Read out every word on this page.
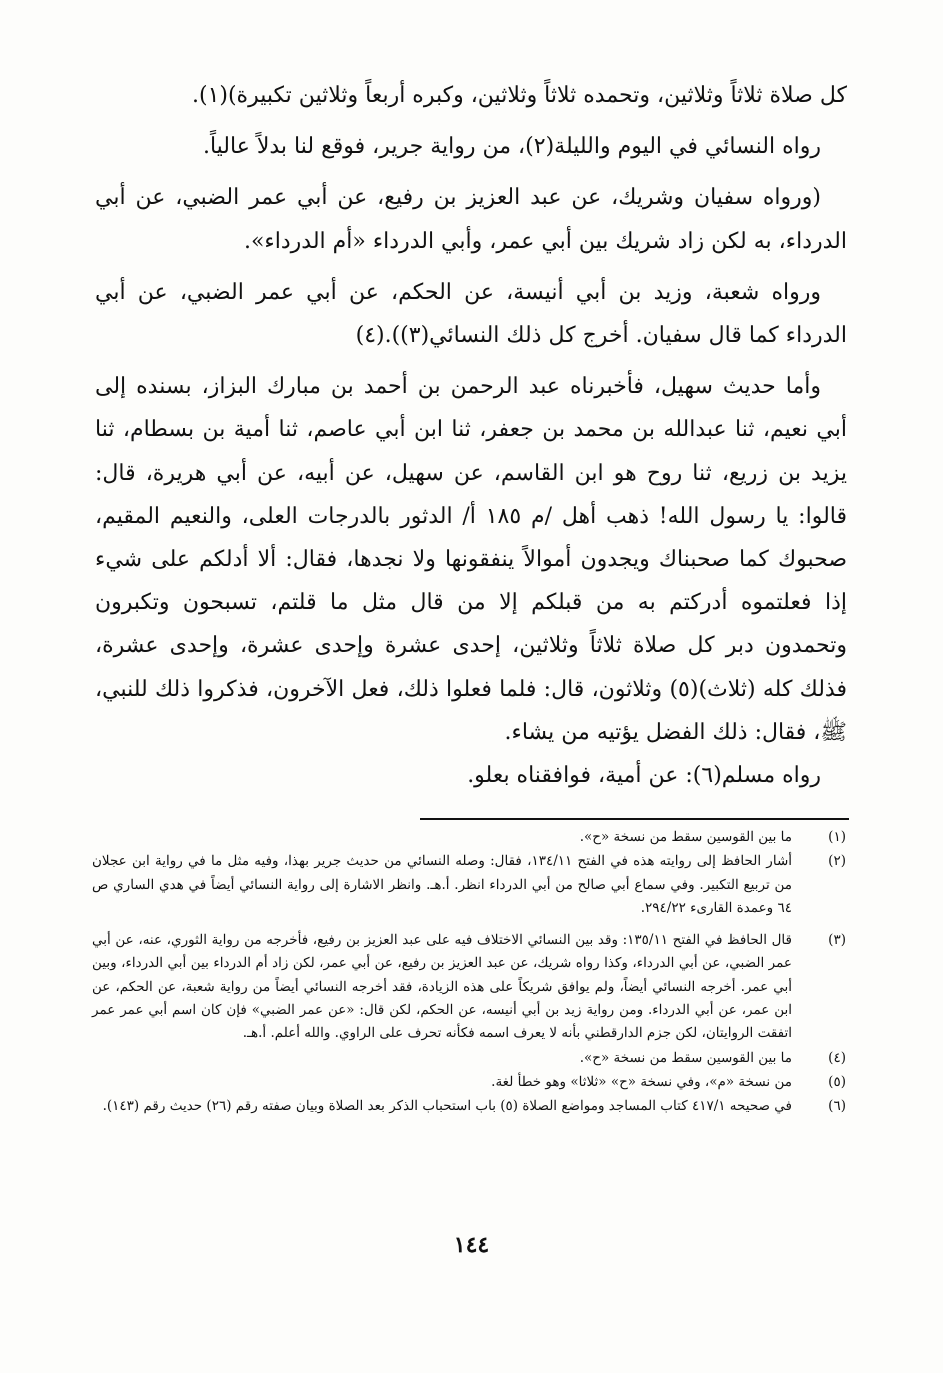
كل صلاة ثلاثاً وثلاثين، وتحمده ثلاثاً وثلاثين، وكبره أربعاً وثلاثين تكبيرة)(١).

رواه النسائي في اليوم والليلة(٢)، من رواية جرير، فوقع لنا بدلاً عالياً.

(ورواه سفيان وشريك، عن عبد العزيز بن رفيع، عن أبي عمر الضبي، عن أبي الدرداء، به لكن زاد شريك بين أبي عمر، وأبي الدرداء «أم الدرداء».

ورواه شعبة، وزيد بن أبي أنيسة، عن الحكم، عن أبي عمر الضبي، عن أبي الدرداء كما قال سفيان. أخرج كل ذلك النسائي(٣)).(٤)

وأما حديث سهيل، فأخبرناه عبد الرحمن بن أحمد بن مبارك البزاز، بسنده إلى أبي نعيم، ثنا عبدالله بن محمد بن جعفر، ثنا ابن أبي عاصم، ثنا أمية بن بسطام، ثنا يزيد بن زريع، ثنا روح هو ابن القاسم، عن سهيل، عن أبيه، عن أبي هريرة، قال: قالوا: يا رسول الله! ذهب أهل /م ١٨٥ أ/ الدثور بالدرجات العلى، والنعيم المقيم، صحبوك كما صحبناك ويجدون أموالاً ينفقونها ولا نجدها، فقال: ألا أدلكم على شيء إذا فعلتموه أدركتم به من قبلكم إلا من قال مثل ما قلتم، تسبحون وتكبرون وتحمدون دبر كل صلاة ثلاثاً وثلاثين، إحدى عشرة وإحدى عشرة، وإحدى عشرة، فذلك كله (ثلاث)(٥) وثلاثون، قال: فلما فعلوا ذلك، فعل الآخرون، فذكروا ذلك للنبي، ﷺ، فقال: ذلك الفضل يؤتيه من يشاء.

رواه مسلم(٦): عن أمية، فوافقناه بعلو.

(١)
ما بين القوسين سقط من نسخة «ح».
(٢)
أشار الحافظ إلى روايته هذه في الفتح ١٣٤/١١، فقال: وصله النسائي من حديث جرير بهذا، وفيه مثل ما في رواية ابن عجلان من تربيع التكبير. وفي سماع أبي صالح من أبي الدرداء انظر. أ.هـ. وانظر الاشارة إلى رواية النسائي أيضاً في هدي الساري ص ٦٤ وعمدة القارىء ٢٩٤/٢٢.
(٣)
قال الحافظ في الفتح ١٣٥/١١: وقد بين النسائي الاختلاف فيه على عبد العزيز بن رفيع، فأخرجه من رواية الثوري، عنه، عن أبي عمر الضبي، عن أبي الدرداء، وكذا رواه شريك، عن عبد العزيز بن رفيع، عن أبي عمر، لكن زاد أم الدرداء بين أبي الدرداء، وبين أبي عمر. أخرجه النسائي أيضاً، ولم يوافق شريكاً على هذه الزيادة، فقد أخرجه النسائي أيضاً من رواية شعبة، عن الحكم، عن ابن عمر، عن أبي الدرداء. ومن رواية زيد بن أبي أنيسه، عن الحكم، لكن قال: «عن عمر الضبي» فإن كان اسم أبي عمر عمر اتفقت الروايتان، لكن جزم الدارقطني بأنه لا يعرف اسمه فكأنه تحرف على الراوي. والله أعلم. أ.هـ.
(٤)
ما بين القوسين سقط من نسخة «ح».
(٥)
من نسخة «م»، وفي نسخة «ح» «ثلاثا» وهو خطأ لغة.
(٦)
في صحيحه ٤١٧/١ كتاب المساجد ومواضع الصلاة (٥) باب استحباب الذكر بعد الصلاة وبيان صفته رقم (٢٦) حديث رقم (١٤٣).
١٤٤
